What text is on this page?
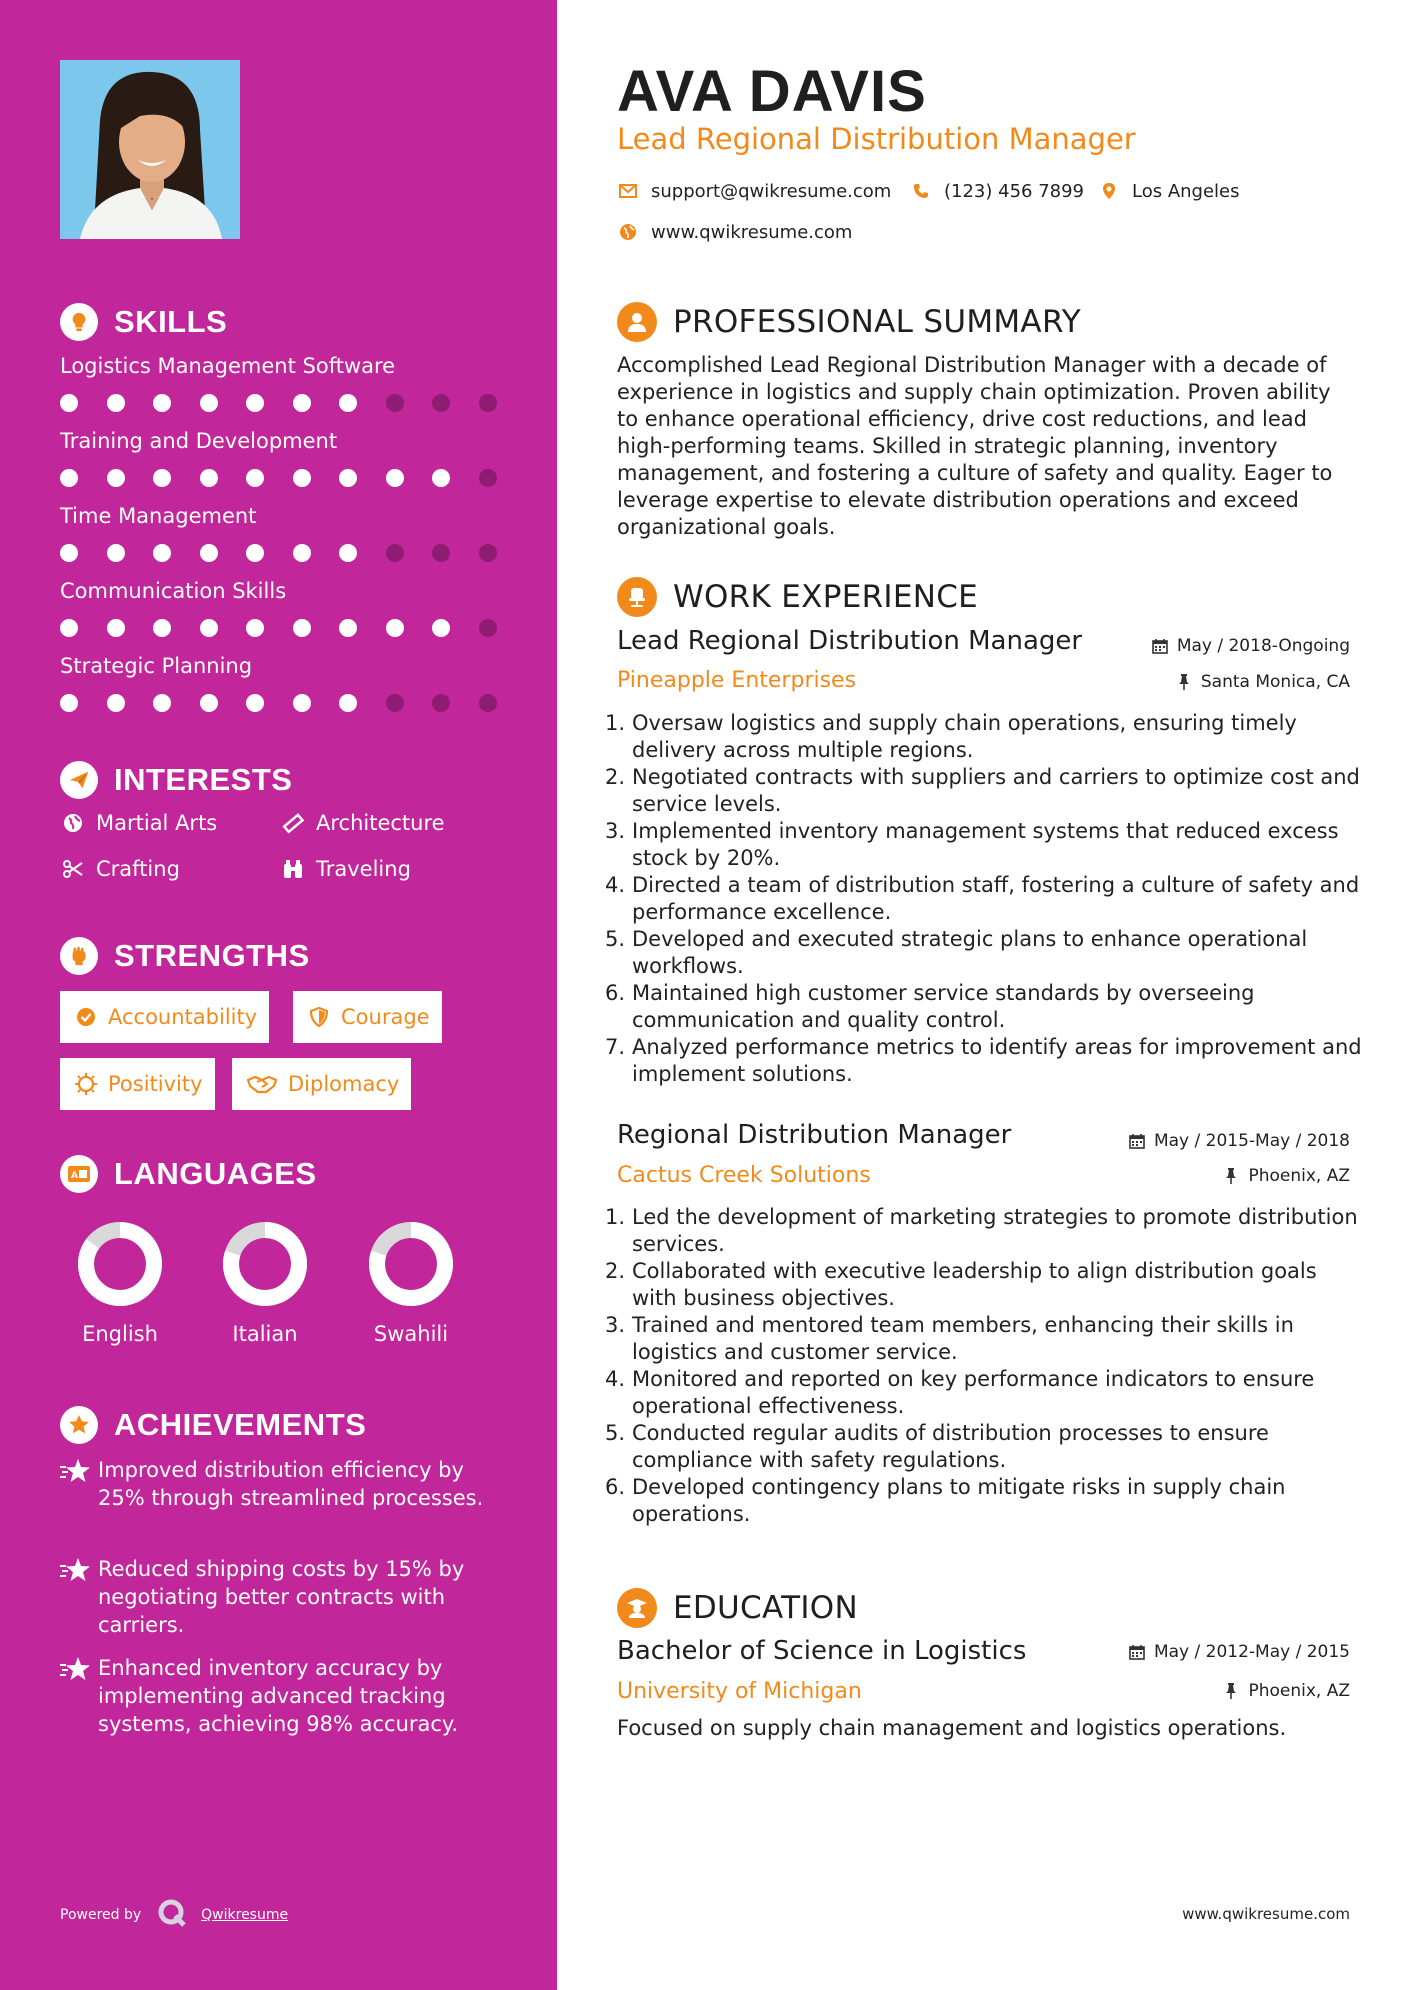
SKILLS
Logistics Management Software
Training and Development
Time Management
Communication Skills
Strategic Planning
INTERESTS
Martial Arts	Architecture
Crafting	Traveling
STRENGTHS
Accountability	Courage
Positivity	Diplomacy
A LANGUAGES
English	Italian	Swahili
ACHIEVEMENTS
Improved distribution efficiency by 25% through streamlined processes.
Reduced shipping costs by 15% by negotiating better contracts with carriers.
Enhanced inventory accuracy by implementing advanced tracking systems, achieving 98% accuracy.
Powered by	Qwikresume
AVA DAVIS
Lead Regional Distribution Manager
support@qwikresume.com	(123) 456 7899	Los Angeles
www.qwikresume.com
PROFESSIONAL SUMMARY
Accomplished Lead Regional Distribution Manager with a decade of experience in logistics and supply chain optimization. Proven ability to enhance operational efficiency, drive cost reductions, and lead high-performing teams. Skilled in strategic planning, inventory management, and fostering a culture of safety and quality. Eager to leverage expertise to elevate distribution operations and exceed organizational goals.
WORK EXPERIENCE
Lead Regional Distribution Manager	May / 2018-Ongoing
Pineapple Enterprises	Santa Monica, CA
1. Oversaw logistics and supply chain operations, ensuring timely delivery across multiple regions.
2. Negotiated contracts with suppliers and carriers to optimize cost and service levels.
3. Implemented inventory management systems that reduced excess stock by 20%.
4. Directed a team of distribution staff, fostering a culture of safety and performance excellence.
5. Developed and executed strategic plans to enhance operational workflows.
6. Maintained high customer service standards by overseeing communication and quality control.
7. Analyzed performance metrics to identify areas for improvement and implement solutions.
Regional Distribution Manager	May / 2015-May / 2018
Cactus Creek Solutions	Phoenix, AZ
1. Led the development of marketing strategies to promote distribution services.
2. Collaborated with executive leadership to align distribution goals with business objectives.
3. Trained and mentored team members, enhancing their skills in logistics and customer service.
4. Monitored and reported on key performance indicators to ensure operational effectiveness.
5. Conducted regular audits of distribution processes to ensure compliance with safety regulations.
6. Developed contingency plans to mitigate risks in supply chain operations.
EDUCATION
Bachelor of Science in Logistics	May / 2012-May / 2015
University of Michigan	Phoenix, AZ
Focused on supply chain management and logistics operations.
www.qwikresume.com
